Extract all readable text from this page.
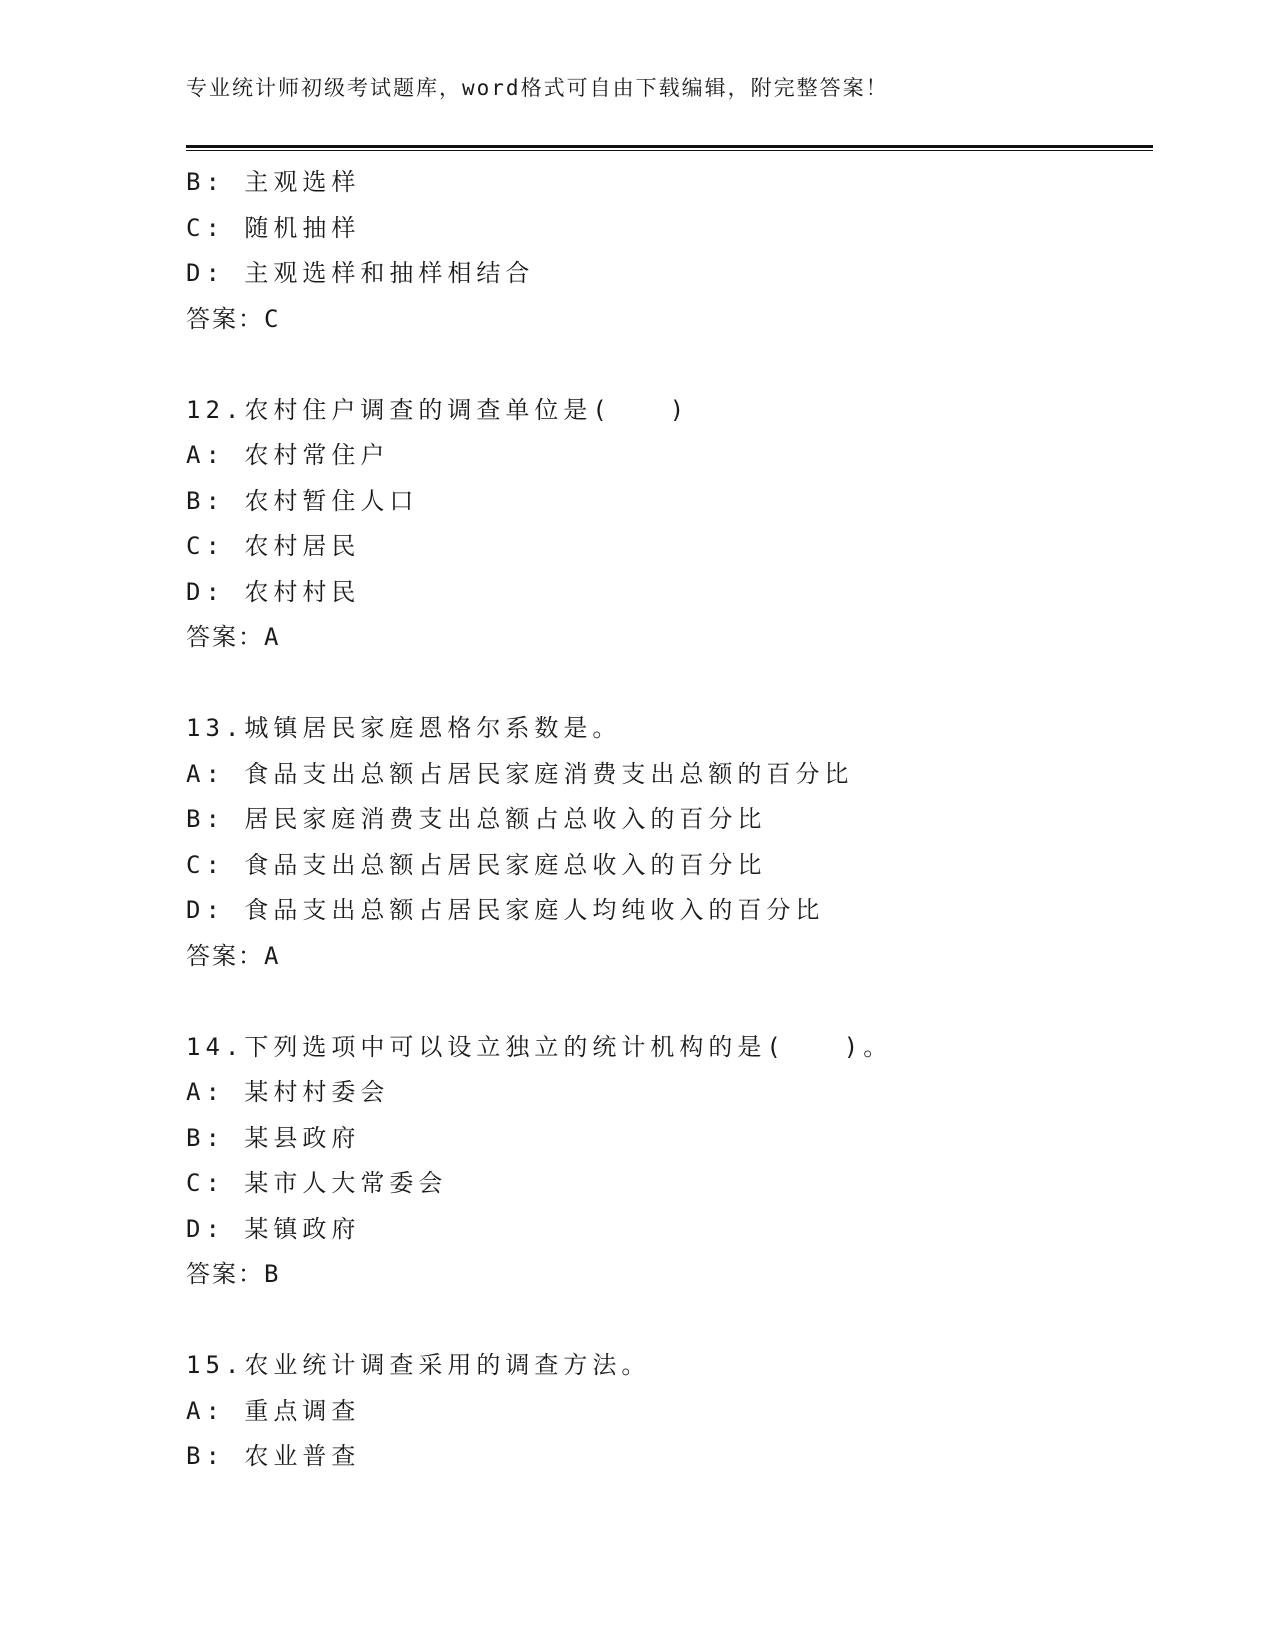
专业统计师初级考试题库，word格式可自由下载编辑，附完整答案！
B: 主观选样
C: 随机抽样
D: 主观选样和抽样相结合
答案：C
12.农村住户调查的调查单位是(　　)
A: 农村常住户
B: 农村暂住人口
C: 农村居民
D: 农村村民
答案：A
13.城镇居民家庭恩格尔系数是。
A: 食品支出总额占居民家庭消费支出总额的百分比
B: 居民家庭消费支出总额占总收入的百分比
C: 食品支出总额占居民家庭总收入的百分比
D: 食品支出总额占居民家庭人均纯收入的百分比
答案：A
14.下列选项中可以设立独立的统计机构的是(　　)。
A: 某村村委会
B: 某县政府
C: 某市人大常委会
D: 某镇政府
答案：B
15.农业统计调查采用的调查方法。
A: 重点调查
B: 农业普查
